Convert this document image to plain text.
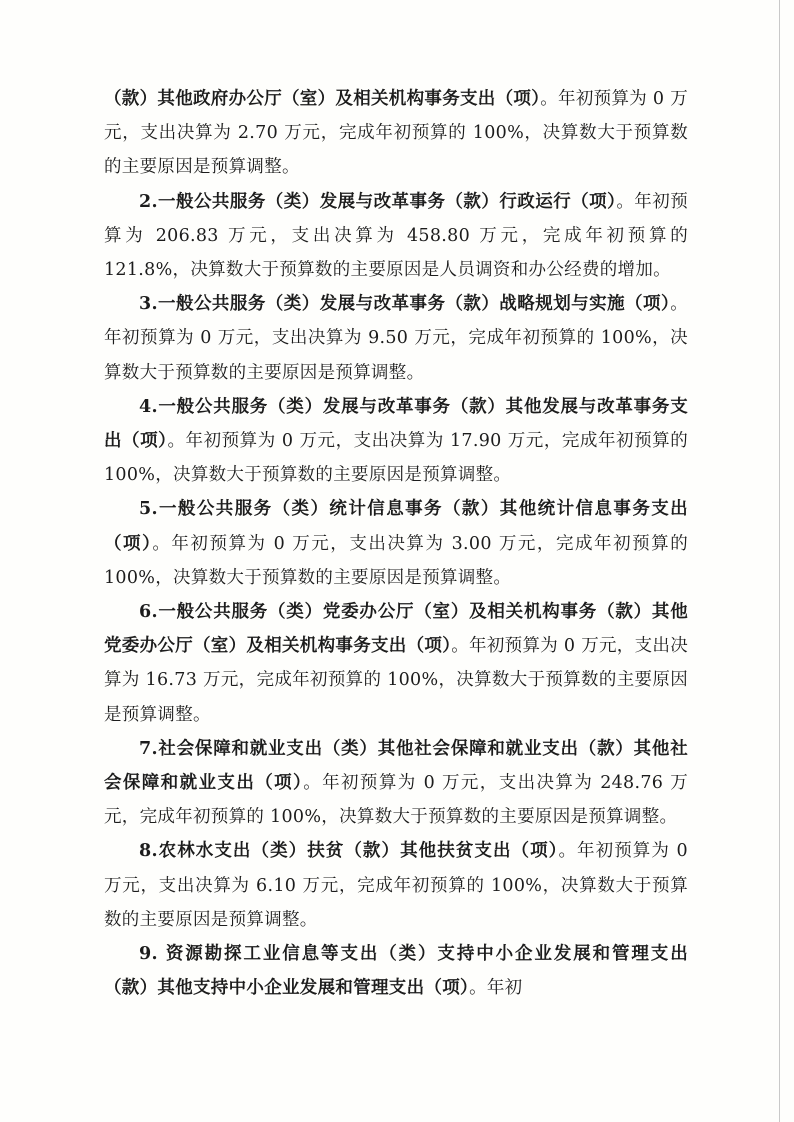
（款）其他政府办公厅（室）及相关机构事务支出（项）。年初预算为 0 万元，支出决算为 2.70 万元，完成年初预算的 100%，决算数大于预算数的主要原因是预算调整。

2.一般公共服务（类）发展与改革事务（款）行政运行（项）。年初预算为 206.83 万元，支出决算为 458.80 万元，完成年初预算的 121.8%，决算数大于预算数的主要原因是人员调资和办公经费的增加。

3.一般公共服务（类）发展与改革事务（款）战略规划与实施（项）。年初预算为 0 万元，支出决算为 9.50 万元，完成年初预算的 100%，决算数大于预算数的主要原因是预算调整。

4.一般公共服务（类）发展与改革事务（款）其他发展与改革事务支出（项）。年初预算为 0 万元，支出决算为 17.90 万元，完成年初预算的 100%，决算数大于预算数的主要原因是预算调整。

5.一般公共服务（类）统计信息事务（款）其他统计信息事务支出（项）。年初预算为 0 万元，支出决算为 3.00 万元，完成年初预算的 100%，决算数大于预算数的主要原因是预算调整。

6.一般公共服务（类）党委办公厅（室）及相关机构事务（款）其他党委办公厅（室）及相关机构事务支出（项）。年初预算为 0 万元，支出决算为 16.73 万元，完成年初预算的 100%，决算数大于预算数的主要原因是预算调整。

7.社会保障和就业支出（类）其他社会保障和就业支出（款）其他社会保障和就业支出（项）。年初预算为 0 万元，支出决算为 248.76 万元，完成年初预算的 100%，决算数大于预算数的主要原因是预算调整。

8.农林水支出（类）扶贫（款）其他扶贫支出（项）。年初预算为 0 万元，支出决算为 6.10 万元，完成年初预算的 100%，决算数大于预算数的主要原因是预算调整。

9. 资源勘探工业信息等支出（类）支持中小企业发展和管理支出（款）其他支持中小企业发展和管理支出（项）。年初
